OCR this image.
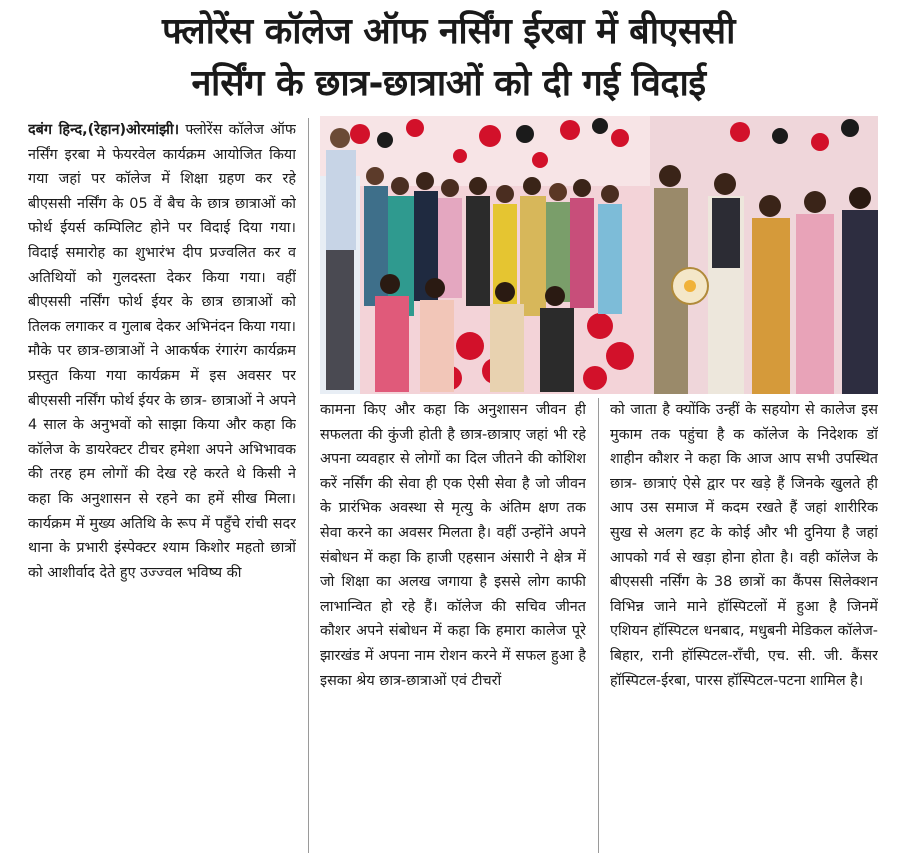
फ्लोरेंस कॉलेज ऑफ नर्सिंग ईरबा में बीएससी
नर्सिंग के छात्र-छात्राओं को दी गई विदाई

दबंग हिन्द,(रेहान)ओरमांझी। फ्लोरेंस कॉलेज ऑफ नर्सिंग इरबा मे फेयरवेल कार्यक्रम आयोजित किया गया जहां पर कॉलेज में शिक्षा ग्रहण कर रहे बीएससी नर्सिंग के 05 वें बैच के छात्र छात्राओं को फोर्थ ईयर्स कम्पिलिट होने पर विदाई दिया गया। विदाई समारोह का शुभारंभ दीप प्रज्वलित कर व अतिथियों को गुलदस्ता देकर किया गया। वहीं बीएससी नर्सिंग फोर्थ ईयर के छात्र छात्राओं को तिलक लगाकर व गुलाब देकर अभिनंदन किया गया। मौके पर छात्र-छात्राओं ने आकर्षक रंगारंग कार्यक्रम प्रस्तुत किया गया कार्यक्रम में इस अवसर पर बीएससी नर्सिंग फोर्थ ईयर के छात्र- छात्राओं ने अपने 4 साल के अनुभवों को साझा किया और कहा कि कॉलेज के डायरेक्टर टीचर हमेशा अपने अभिभावक की तरह हम लोगों की देख रहे करते थे किसी ने कहा कि अनुशासन से रहने का हमें सीख मिला। कार्यक्रम में मुख्य अतिथि के रूप में पहुँचे रांची सदर थाना के प्रभारी इंस्पेक्टर श्याम किशोर महतो छात्रों को आशीर्वाद देते हुए उज्ज्वल भविष्य की

कामना किए और कहा कि अनुशासन जीवन ही सफलता की कुंजी होती है छात्र-छात्राए जहां भी रहे अपना व्यवहार से लोगों का दिल जीतने की कोशिश करें नर्सिंग की सेवा ही एक ऐसी सेवा है जो जीवन के प्रारंभिक अवस्था से मृत्यु के अंतिम क्षण तक सेवा करने का अवसर मिलता है। वहीं उन्होंने अपने संबोधन में कहा कि हाजी एहसान अंसारी ने क्षेत्र में जो शिक्षा का अलख जगाया है इससे लोग काफी लाभान्वित हो रहे हैं। कॉलेज की सचिव जीनत कौशर अपने संबोधन में कहा कि हमारा कालेज पूरे झारखंड में अपना नाम रोशन करने में सफल हुआ है इसका श्रेय छात्र-छात्राओं एवं टीचरों

को जाता है क्योंकि उन्हीं के सहयोग से कालेज इस मुकाम तक पहुंचा है क कॉलेज के निदेशक डॉ शाहीन कौशर ने कहा कि आज आप सभी उपस्थित छात्र- छात्राएं ऐसे द्वार पर खड़े हैं जिनके खुलते ही आप उस समाज में कदम रखते हैं जहां शारीरिक सुख से अलग हट के कोई और भी दुनिया है जहां आपको गर्व से खड़ा होना होता है। वही कॉलेज के बीएससी नर्सिंग के 38 छात्रों का कैंपस सिलेक्शन विभिन्न जाने माने हॉस्पिटलों में हुआ है जिनमें एशियन हॉस्पिटल धनबाद, मधुबनी मेडिकल कॉलेज- बिहार, रानी हॉस्पिटल-राँची, एच. सी. जी. कैंसर हॉस्पिटल-ईरबा, पारस हॉस्पिटल-पटना शामिल है।
